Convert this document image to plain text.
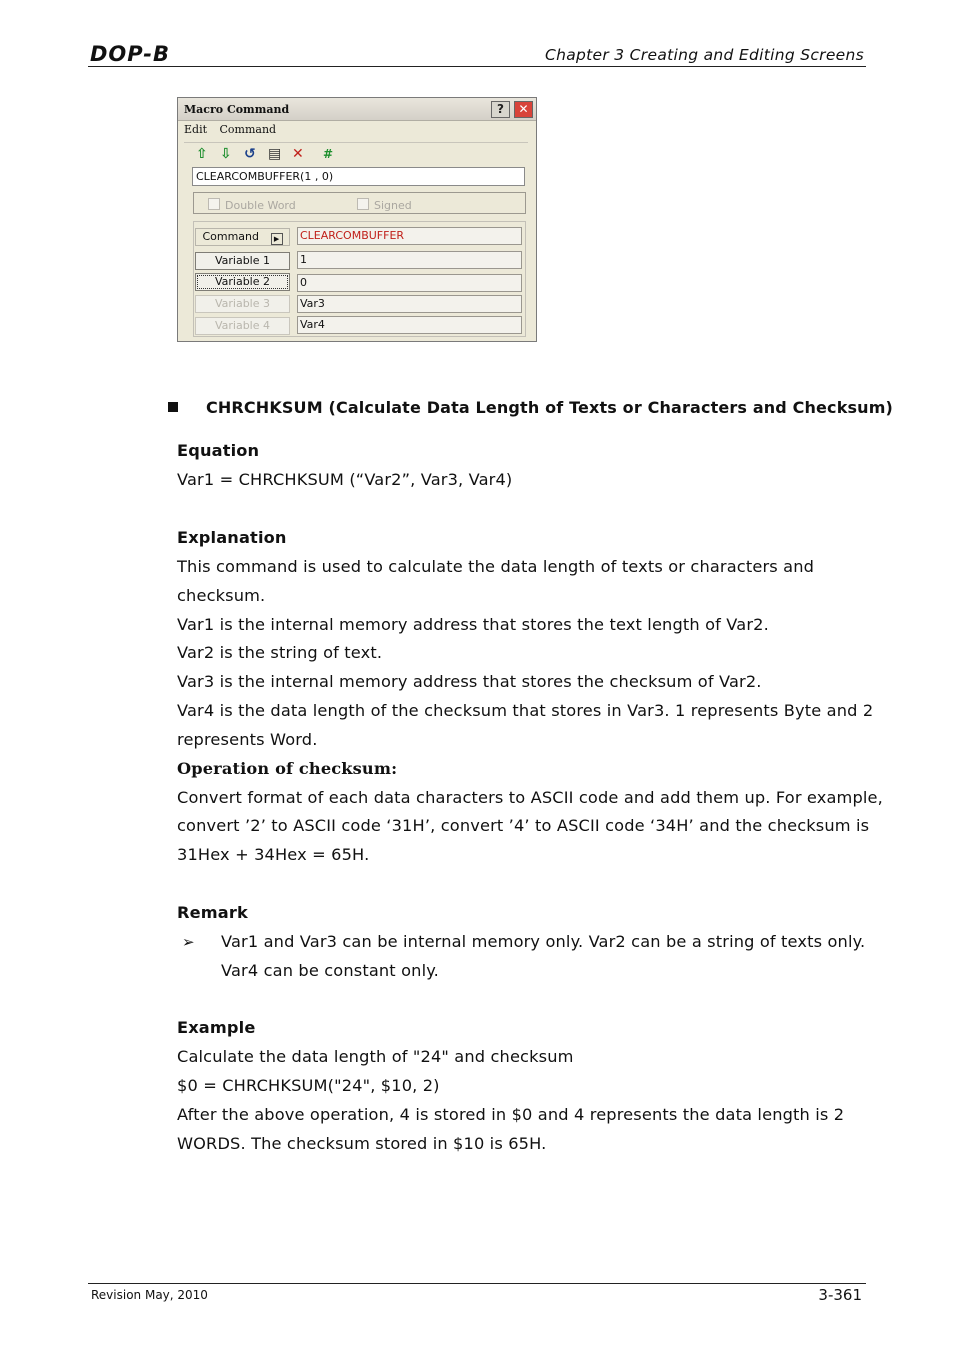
DOP-B	Chapter 3 Creating and Editing Screens
Macro Command	?	✕
Edit Command
⇧ ⇩ ↺ ▤ ✕ #
CLEARCOMBUFFER(1 , 0)
Double Word	Signed
Command ▶	CLEARCOMBUFFER
Variable 1	1
Variable 2	0
Variable 3	Var3
Variable 4	Var4
CHRCHKSUM (Calculate Data Length of Texts or Characters and Checksum)
Equation
Var1 = CHRCHKSUM (“Var2”, Var3, Var4)
Explanation
This command is used to calculate the data length of texts or characters and
checksum.
Var1 is the internal memory address that stores the text length of Var2.
Var2 is the string of text.
Var3 is the internal memory address that stores the checksum of Var2.
Var4 is the data length of the checksum that stores in Var3. 1 represents Byte and 2
represents Word.
Operation of checksum:
Convert format of each data characters to ASCII code and add them up. For example,
convert ’2’ to ASCII code ‘31H’, convert ’4’ to ASCII code ‘34H’ and the checksum is
31Hex + 34Hex = 65H.
Remark
➢ Var1 and Var3 can be internal memory only. Var2 can be a string of texts only.
Var4 can be constant only.
Example
Calculate the data length of "24" and checksum
$0 = CHRCHKSUM("24", $10, 2)
After the above operation, 4 is stored in $0 and 4 represents the data length is 2
WORDS. The checksum stored in $10 is 65H.
Revision May, 2010	3-361
